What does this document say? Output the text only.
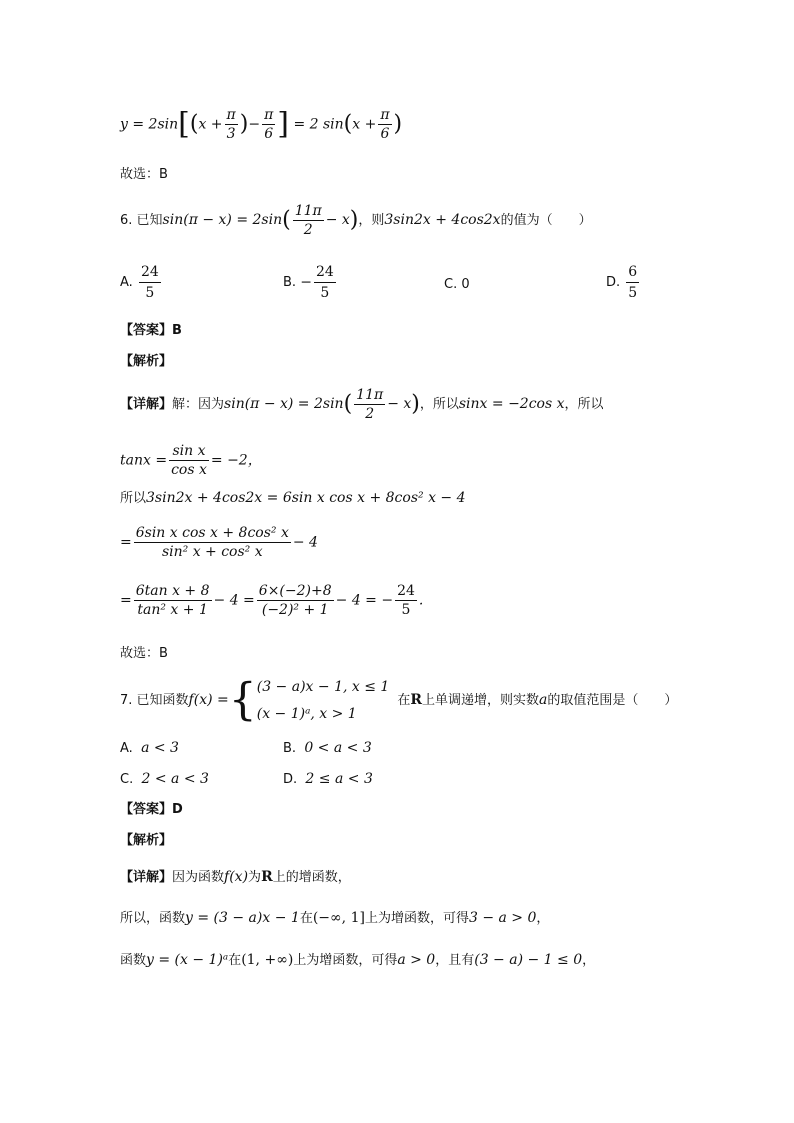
$y = 2\sin[(x + \frac{\pi}{3}$ )− $\frac{\pi}{6}$ ] = 2 $\sin(x + \frac{\pi}{6}$ )
故选：B
6. 已知$\sin(\pi - x) = 2\sin( \frac{11\pi}{2} - x)$，则3sin2x + 4cos2x的值为（　　）
A. $\frac{24}{5}$	B. − $\frac{24}{5}$	C. 0	D. $\frac{6}{5}$
【答案】B
【解析】
【详解】解：因为$\sin(\pi - x) = 2\sin( \frac{11\pi}{2} - x)$，所以sinx = −2cos x，所以
$\tan x = \frac{\text{sin x}}{\text{cos x}} = -2$，
所以3sin2x + 4cos2x = 6sin x cos x + 8cos² x − 4
= $\frac{\text{6sin x cos x + 8cos² x}}{\text{sin² x + cos² x}} - 4$
= $\frac{\text{6tan x + 8}}{\text{tan² x + 1}} - 4 = \frac{6\times(-2)+8}{\text{(−2)² + 1}} - 4$ = − $\frac{24}{5}$ .
故选：B
7. 已知函数f(x) ={ (3 − a)x − 1, x ≤ 1
(x − 1)ᵃ, x > 1
在R上单调递增，则实数a的取值范围是（　　）
A. a < 3	B. 0 < a < 3
C. 2 < a < 3	D. 2 ≤ a < 3
【答案】D
【解析】
【详解】因为函数f(x)为R上的增函数，
所以，函数y = (3 − a)x − 1在(−∞, 1]上为增函数，可得3 − a > 0，
函数y = (x − 1)ᵃ在(1, +∞)上为增函数，可得a > 0，且有(3 − a) − 1 ≤ 0，
